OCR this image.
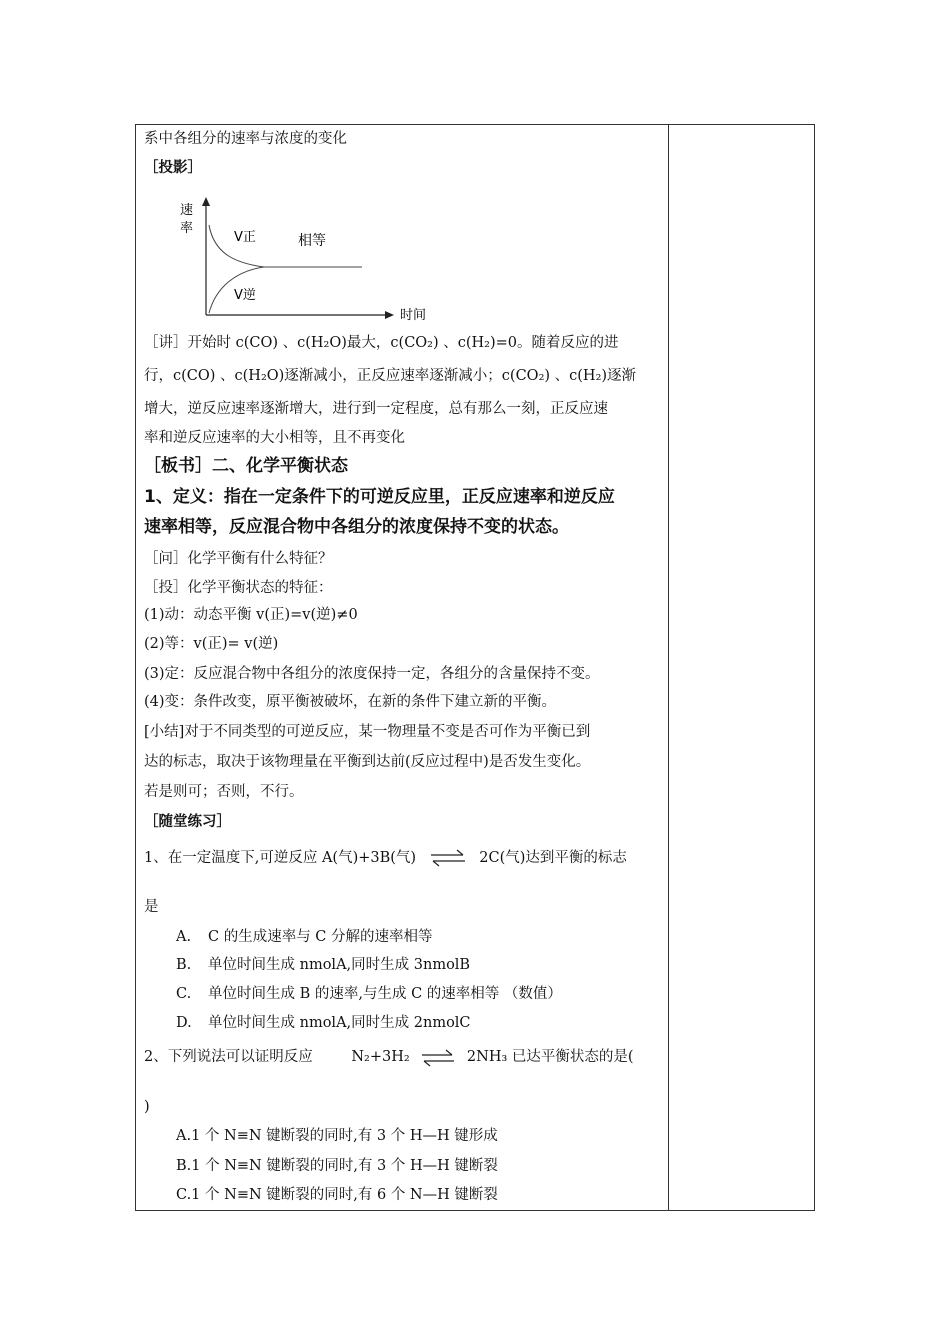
系中各组分的速率与浓度的变化
［投影］
速
率
时间
V正	相等
V逆
［讲］开始时 c(CO) 、c(H₂O)最大，c(CO₂) 、c(H₂)=0。随着反应的进
行，c(CO) 、c(H₂O)逐渐减小，正反应速率逐渐减小；c(CO₂) 、c(H₂)逐渐
增大，逆反应速率逐渐增大，进行到一定程度，总有那么一刻，正反应速
率和逆反应速率的大小相等，且不再变化
［板书］二、化学平衡状态
1、定义：指在一定条件下的可逆反应里，正反应速率和逆反应
速率相等，反应混合物中各组分的浓度保持不变的状态。
［问］化学平衡有什么特征？
［投］化学平衡状态的特征：
(1)动：动态平衡 v(正)=v(逆)≠0
(2)等：v(正)= v(逆)
(3)定：反应混合物中各组分的浓度保持一定，各组分的含量保持不变。
(4)变：条件改变，原平衡被破坏，在新的条件下建立新的平衡。
[小结]对于不同类型的可逆反应，某一物理量不变是否可作为平衡已到
达的标志，取决于该物理量在平衡到达前(反应过程中)是否发生变化。
若是则可；否则，不行。
［随堂练习］
1、在一定温度下,可逆反应 A(气)+3B(气) ⇌ 2C(气)达到平衡的标志
是
A. C 的生成速率与 C 分解的速率相等
B. 单位时间生成 nmolA,同时生成 3nmolB
C. 单位时间生成 B 的速率,与生成 C 的速率相等 （数值）
D. 单位时间生成 nmolA,同时生成 2nmolC
2、下列说法可以证明反应	N₂+3H₂ ⇌ 2NH₃ 已达平衡状态的是(
)
A.1 个 N≡N 键断裂的同时,有 3 个 H—H 键形成
B.1 个 N≡N 键断裂的同时,有 3 个 H—H 键断裂
C.1 个 N≡N 键断裂的同时,有 6 个 N—H 键断裂
